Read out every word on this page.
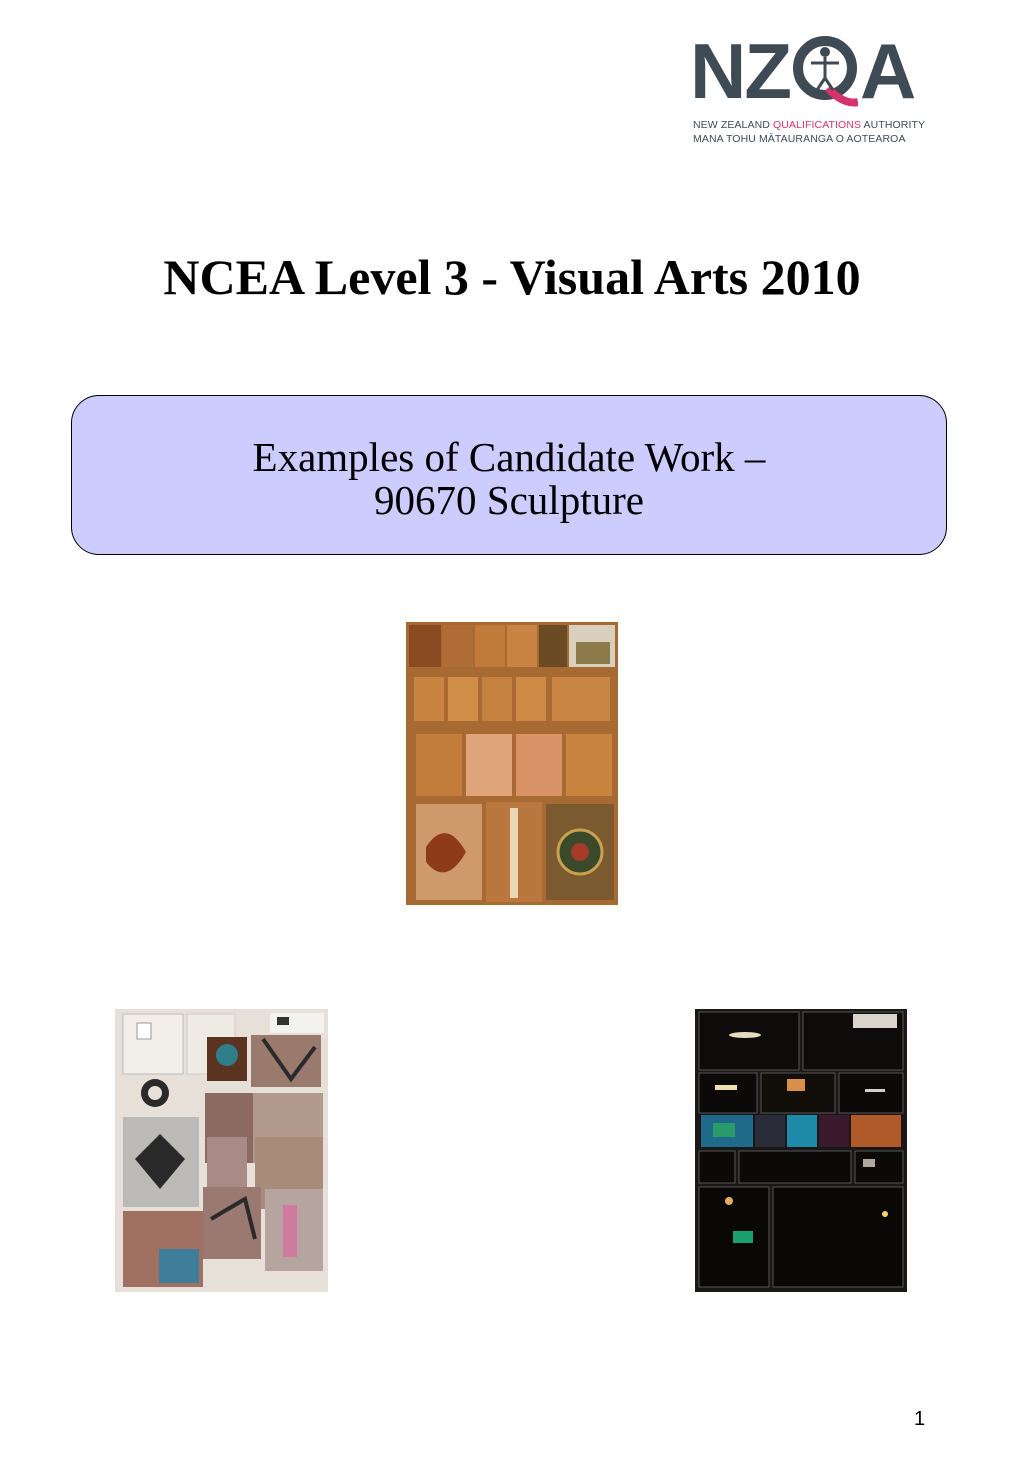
N Z A
NEW ZEALAND QUALIFICATIONS AUTHORITY
MANA TOHU MĀTAURANGA O AOTEAROA
NCEA Level 3 - Visual Arts 2010
Examples of Candidate Work –
90670 Sculpture
1
